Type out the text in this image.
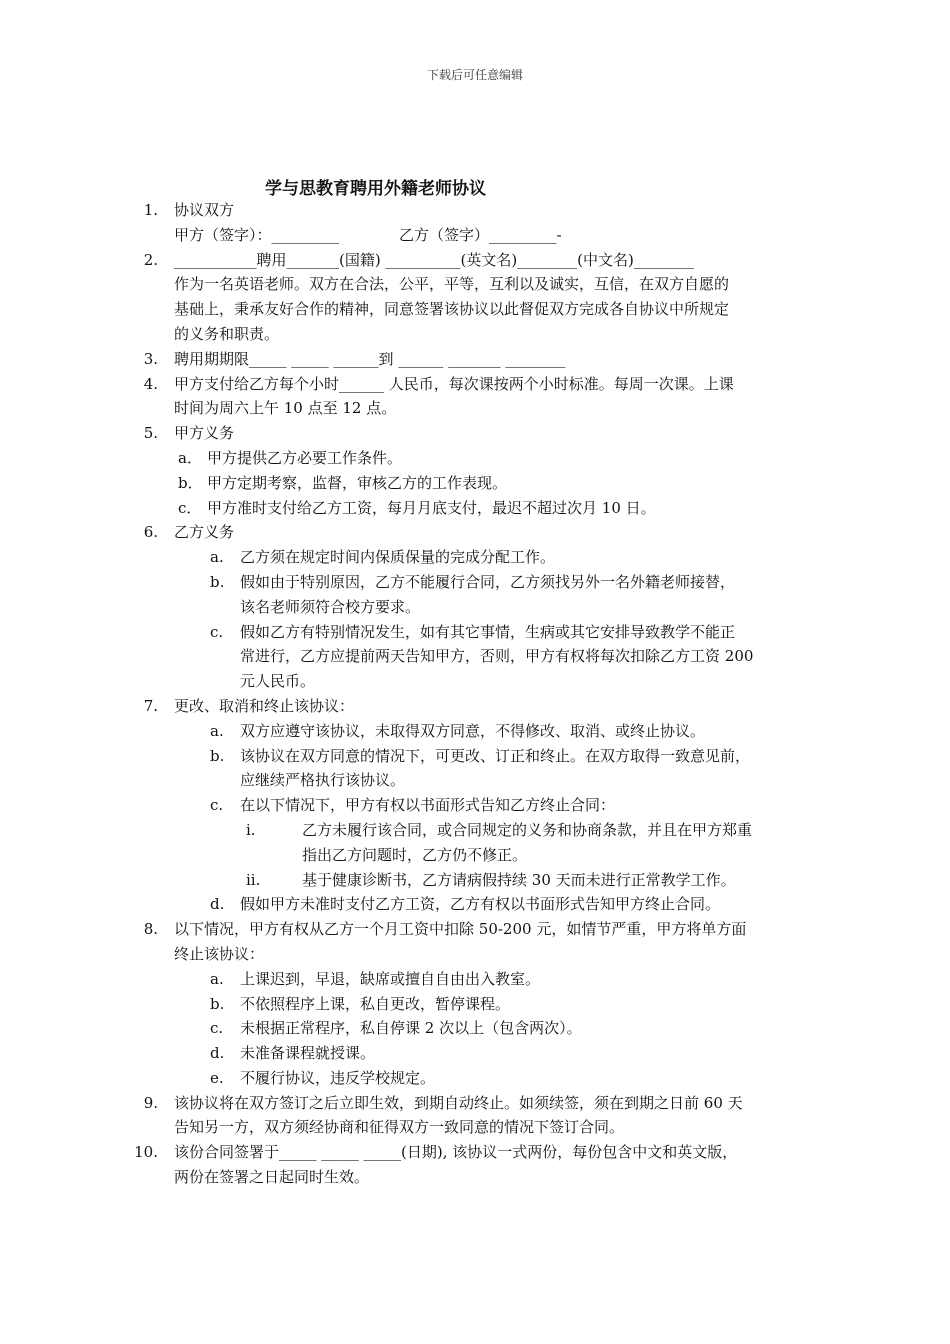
下载后可任意编辑
学与思教育聘用外籍老师协议
1.	协议双方
甲方（签字）：_________　　　　乙方（签字）_________-
2.	___________聘用_______(国籍) __________(英文名)________(中文名)________
作为一名英语老师。双方在合法，公平，平等，互利以及诚实，互信，在双方自愿的
基础上，秉承友好合作的精神，同意签署该协议以此督促双方完成各自协议中所规定
的义务和职责。
3.	聘用期期限_____ _____ ______到 ______ _______ ________
4.	甲方支付给乙方每个小时______ 人民币，每次课按两个小时标准。每周一次课。上课
时间为周六上午 10 点至 12 点。
5.	甲方义务
a． 甲方提供乙方必要工作条件。
b． 甲方定期考察，监督，审核乙方的工作表现。
c． 甲方准时支付给乙方工资，每月月底支付，最迟不超过次月 10 日。
6.	乙方义务
a.	乙方须在规定时间内保质保量的完成分配工作。
b.	假如由于特别原因，乙方不能履行合同，乙方须找另外一名外籍老师接替，
该名老师须符合校方要求。
c.	假如乙方有特别情况发生，如有其它事情，生病或其它安排导致教学不能正
常进行，乙方应提前两天告知甲方，否则，甲方有权将每次扣除乙方工资 200
元人民币。
7.	更改、取消和终止该协议：
a.	双方应遵守该协议，未取得双方同意，不得修改、取消、或终止协议。
b.	该协议在双方同意的情况下，可更改、订正和终止。在双方取得一致意见前，
应继续严格执行该协议。
c.	在以下情况下，甲方有权以书面形式告知乙方终止合同：
i.	乙方未履行该合同，或合同规定的义务和协商条款，并且在甲方郑重
指出乙方问题时，乙方仍不修正。
ii.	基于健康诊断书，乙方请病假持续 30 天而未进行正常教学工作。
d.	假如甲方未准时支付乙方工资，乙方有权以书面形式告知甲方终止合同。
8.	以下情况，甲方有权从乙方一个月工资中扣除 50-200 元，如情节严重，甲方将单方面
终止该协议：
a.	上课迟到，早退，缺席或擅自自由出入教室。
b.	不依照程序上课，私自更改，暂停课程。
c.	未根据正常程序，私自停课 2 次以上（包含两次）。
d.	未准备课程就授课。
e.	不履行协议，违反学校规定。
9.	该协议将在双方签订之后立即生效，到期自动终止。如须续签，须在到期之日前 60 天
告知另一方，双方须经协商和征得双方一致同意的情况下签订合同。
10.	该份合同签署于_____ _____ _____(日期), 该协议一式两份，每份包含中文和英文版，
两份在签署之日起同时生效。
